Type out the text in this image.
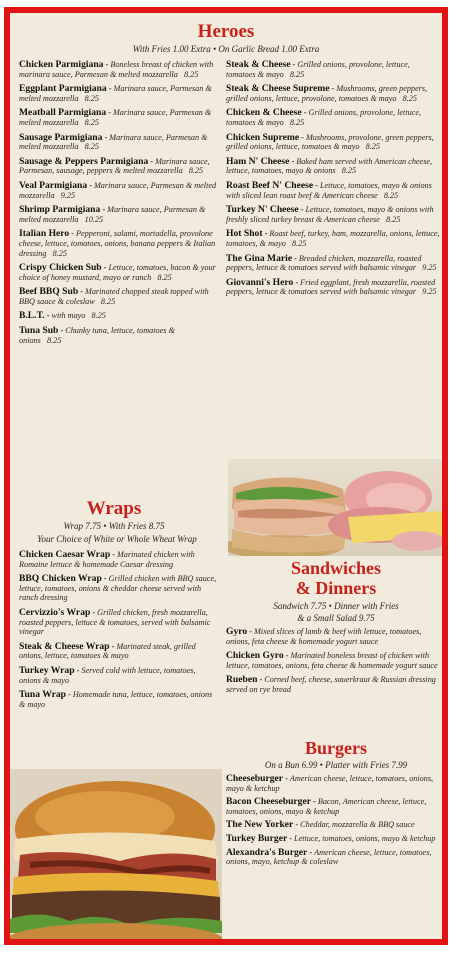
Heroes
With Fries 1.00 Extra • On Garlic Bread 1.00 Extra
Chicken Parmigiana - Boneless breast of chicken with marinara sauce, Parmesan & melted mozzarella   8.25
Eggplant Parmigiana - Marinara sauce, Parmesan & melted mozzarella   8.25
Meatball Parmigiana - Marinara sauce, Parmesan & melted mozzarella   8.25
Sausage Parmigiana - Marinara sauce, Parmesan & melted mozzarella   8.25
Sausage & Peppers Parmigiana - Marinara sauce, Parmesan, sausage, peppers & melted mozzarella   8.25
Veal Parmigiana - Marinara sauce, Parmesan & melted mozzarella   9.25
Shrimp Parmigiana - Marinara sauce, Parmesan & melted mozzarella   10.25
Italian Hero - Pepperoni, salami, mortadella, provolone cheese, lettuce, tomatoes, onions, banana peppers & Italian dressing   8.25
Crispy Chicken Sub - Lettuce, tomatoes, bacon & your choice of honey mustard, mayo or ranch   8.25
Beef BBQ Sub - Marinated chopped steak topped with BBQ sauce & coleslaw   8.25
B.L.T. - with mayo   8.25
Tuna Sub - Chunky tuna, lettuce, tomatoes & onions   8.25
Steak & Cheese - Grilled onions, provolone, lettuce, tomatoes & mayo   8.25
Steak & Cheese Supreme - Mushrooms, green peppers, grilled onions, lettuce, provolone, tomatoes & mayo   8.25
Chicken & Cheese - Grilled onions, provolone, lettuce, tomatoes & mayo   8.25
Chicken Supreme - Mushrooms, provolone, green peppers, grilled onions, lettuce, tomatoes & mayo   8.25
Ham N' Cheese - Baked ham served with American cheese, lettuce, tomatoes, mayo & onions   8.25
Roast Beef N' Cheese - Lettuce, tomatoes, mayo & onions with sliced lean roast beef & American cheese   8.25
Turkey N' Cheese - Lettuce, tomatoes, mayo & onions with freshly sliced turkey breast & American cheese   8.25
Hot Shot - Roast beef, turkey, ham, mozzarella, onions, lettuce, tomatoes, & mayo   8.25
The Gina Marie - Breaded chicken, mozzarella, roasted peppers, lettuce & tomatoes served with balsamic vinegar   9.25
Giovanni's Hero - Fried eggplant, fresh mozzarella, roasted peppers, lettuce & tomatoes served with balsamic vinegar   9.25
Wraps
Wrap 7.75 • With Fries 8.75
Your Choice of White or Whole Wheat Wrap
Chicken Caesar Wrap - Marinated chicken with Romaine lettuce & homemade Caesar dressing
BBQ Chicken Wrap - Grilled chicken with BBQ sauce, lettuce, tomatoes, onions & cheddar cheese served with ranch dressing
Cervizzio's Wrap - Grilled chicken, fresh mozzarella, roasted peppers, lettuce & tomatoes, served with balsamic vinegar
Steak & Cheese Wrap - Marinated steak, grilled onions, lettuce, tomatoes & mayo
Turkey Wrap - Served cold with lettuce, tomatoes, onions & mayo
Tuna Wrap - Homemade tuna, lettuce, tomatoes, onions & mayo
Sandwiches
& Dinners
Sandwich 7.75 • Dinner with Fries
& a Small Salad 9.75
Gyro - Mixed slices of lamb & beef with lettuce, tomatoes, onions, feta cheese & homemade yogurt sauce
Chicken Gyro - Marinated boneless breast of chicken with lettuce, tomatoes, onions, feta cheese & homemade yogurt sauce
Rueben - Corned beef, cheese, sauerkraut & Russian dressing served on rye bread
Burgers
On a Bun 6.99 • Platter with Fries 7.99
Cheeseburger - American cheese, lettuce, tomatoes, onions, mayo & ketchup
Bacon Cheeseburger - Bacon, American cheese, lettuce, tomatoes, onions, mayo & ketchup
The New Yorker - Cheddar, mozzarella & BBQ sauce
Turkey Burger - Lettuce, tomatoes, onions, mayo & ketchup
Alexandra's Burger - American cheese, lettuce, tomatoes, onions, mayo, ketchup & coleslaw
